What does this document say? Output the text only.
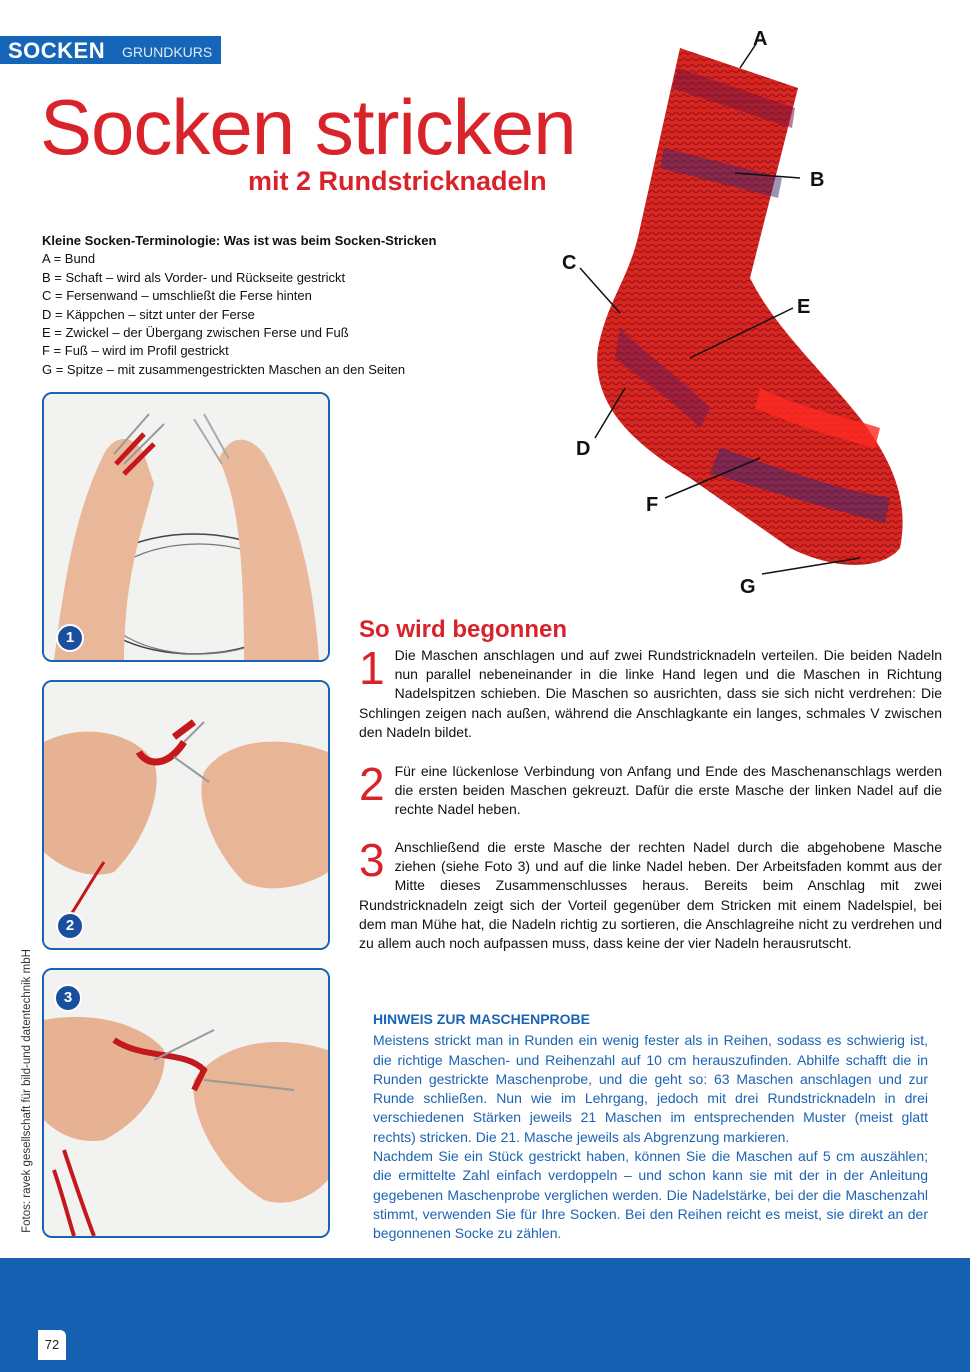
SOCKEN GRUNDKURS
Socken stricken
mit 2 Rundstricknadeln
Kleine Socken-Terminologie: Was ist was beim Socken-Stricken
A = Bund
B = Schaft – wird als Vorder- und Rückseite gestrickt
C = Fersenwand – umschließt die Ferse hinten
D = Käppchen – sitzt unter der Ferse
E = Zwickel – der Übergang zwischen Ferse und Fuß
F = Fuß – wird im Profil gestrickt
G = Spitze – mit zusammengestrickten Maschen an den Seiten
1
2
3
Fotos: ravek gesellschaft für bild-und datentechnik mbH
A
B
C
E
D
F
G
So wird begonnen
1 Die Maschen anschlagen und auf zwei Rundstricknadeln verteilen. Die beiden Nadeln nun parallel nebeneinander in die linke Hand legen und die Maschen in Richtung Nadelspitzen schieben. Die Maschen so ausrichten, dass sie sich nicht verdrehen: Die Schlingen zeigen nach außen, während die Anschlagkante ein langes, schmales V zwischen den Nadeln bildet.
2 Für eine lückenlose Verbindung von Anfang und Ende des Maschenanschlags werden die ersten beiden Maschen gekreuzt. Dafür die erste Masche der linken Nadel auf die rechte Nadel heben.
3 Anschließend die erste Masche der rechten Nadel durch die abgehobene Masche ziehen (siehe Foto 3) und auf die linke Nadel heben. Der Arbeitsfaden kommt aus der Mitte dieses Zusammenschlusses heraus. Bereits beim Anschlag mit zwei Rundstricknadeln zeigt sich der Vorteil gegenüber dem Stricken mit einem Nadelspiel, bei dem man Mühe hat, die Nadeln richtig zu sortieren, die Anschlagreihe nicht zu verdrehen und zu allem auch noch aufpassen muss, dass keine der vier Nadeln herausrutscht.
HINWEIS ZUR MASCHENPROBE

Meistens strickt man in Runden ein wenig fester als in Reihen, sodass es schwierig ist, die richtige Maschen- und Reihenzahl auf 10 cm herauszufinden. Abhilfe schafft die in Runden gestrickte Maschenprobe, und die geht so: 63 Maschen anschlagen und zur Runde schließen. Nun wie im Lehrgang, jedoch mit drei Rundstricknadeln in drei verschiedenen Stärken jeweils 21 Maschen im entsprechenden Muster (meist glatt rechts) stricken. Die 21. Masche jeweils als Abgrenzung markieren.

Nachdem Sie ein Stück gestrickt haben, können Sie die Maschen auf 5 cm auszählen; die ermittelte Zahl einfach verdoppeln – und schon kann sie mit der in der Anleitung gegebenen Maschenprobe verglichen werden. Die Nadelstärke, bei der die Maschenzahl stimmt, verwenden Sie für Ihre Socken. Bei den Reihen reicht es meist, sie direkt an der begonnenen Socke zu zählen.

72
